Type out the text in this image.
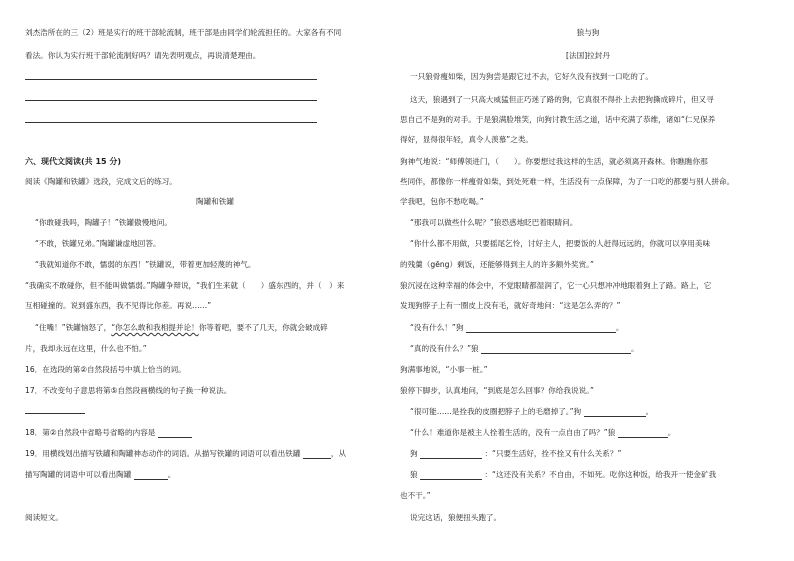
刘杰浩所在的三（2）班是实行的班干部轮流制，班干部是由同学们轮流担任的。大家各有不同
看法。你认为实行班干部轮流制好吗？请先表明观点，再说清楚理由。
六、现代文阅读(共 15 分)
阅读《陶罐和铁罐》选段，完成文后的练习。
陶罐和铁罐
“你敢碰我吗，陶罐子！”铁罐傲慢地问。
“不敢，铁罐兄弟。”陶罐谦虚地回答。
“我就知道你不敢，懦弱的东西！”铁罐说，带着更加轻蔑的神气。
“我确实不敢碰你，但不能叫做懦弱。”陶罐争辩说，“我们生来就（　　）盛东西的，并（　）来
互相碰撞的。说到盛东西，我不见得比你差。再说……”
“住嘴！”铁罐恼怒了，“你怎么敢和我相提并论！你等着吧，要不了几天，你就会破成碎
片，我却永远在这里，什么也不怕。”
16．在选段的第②自然段括号中填上恰当的词。
17．不改变句子意思将第⑤自然段画横线的句子换一种说法。
18．第②自然段中省略号省略的内容是
19．用横线划出描写铁罐和陶罐神态动作的词语。从描写铁罐的词语可以看出铁罐	，从
描写陶罐的词语中可以看出陶罐	。
阅读短文。
狼与狗
[法国]拉封丹
一只狼骨瘦如柴，因为狗尝是跟它过不去，它好久没有找到一口吃的了。
这天，狼遇到了一只高大威猛但正巧迷了路的狗，它真很不得扑上去把狗撕成碎片，但又寻
思自己不是狗的对手。于是狼满脸堆笑，向狗讨教生活之道，话中充满了恭维，诸如“仁兄保养
得好，显得很年轻，真令人羡慕”之类。
狗神气地说：“师傅领进门，（　　）。你要想过我这样的生活，就必须离开森林。你瞧瞧你那
些同伴，都像你一样瘦骨如柴，到处死难一样，生活没有一点保障，为了一口吃的都要与别人拼命。
学我吧，包你不愁吃喝。”
“那我可以做些什么呢？”狼恐惑地眨巴着眼睛问。
“你什么都不用做，只要摇尾乞怜，讨好主人，把要饭的人赶得远远的，你就可以享用美味
的残羹（gēng）剩饭，还能够得到主人的许多额外奖赏。”
狼沉浸在这种幸福的体会中，不觉眼睛都湿润了，它一心只想冲冲地眼着狗上了路。路上，它
发现狗脖子上有一圈皮上没有毛，就好奇地问：“这是怎么弄的？”
“没有什么！”狗	。
“真的没有什么？”狼	。
狗满事地说，“小事一桩。”
狼停下脚步，认真地问，“到底是怎么回事？你给我说说。”
“很可能……是拴我的皮圈把脖子上的毛磨掉了。”狗	。
“什么！难道你是被主人拴着生活的，没有一点自由了吗？”狼	。
狗	：“只要生活好，拴不拴又有什么关系？”
狼	：“这还没有关系？不自由，不如死。吃你这种饭，给我开一使金矿我
也不干。”
说完这话，狼便扭头跑了。
